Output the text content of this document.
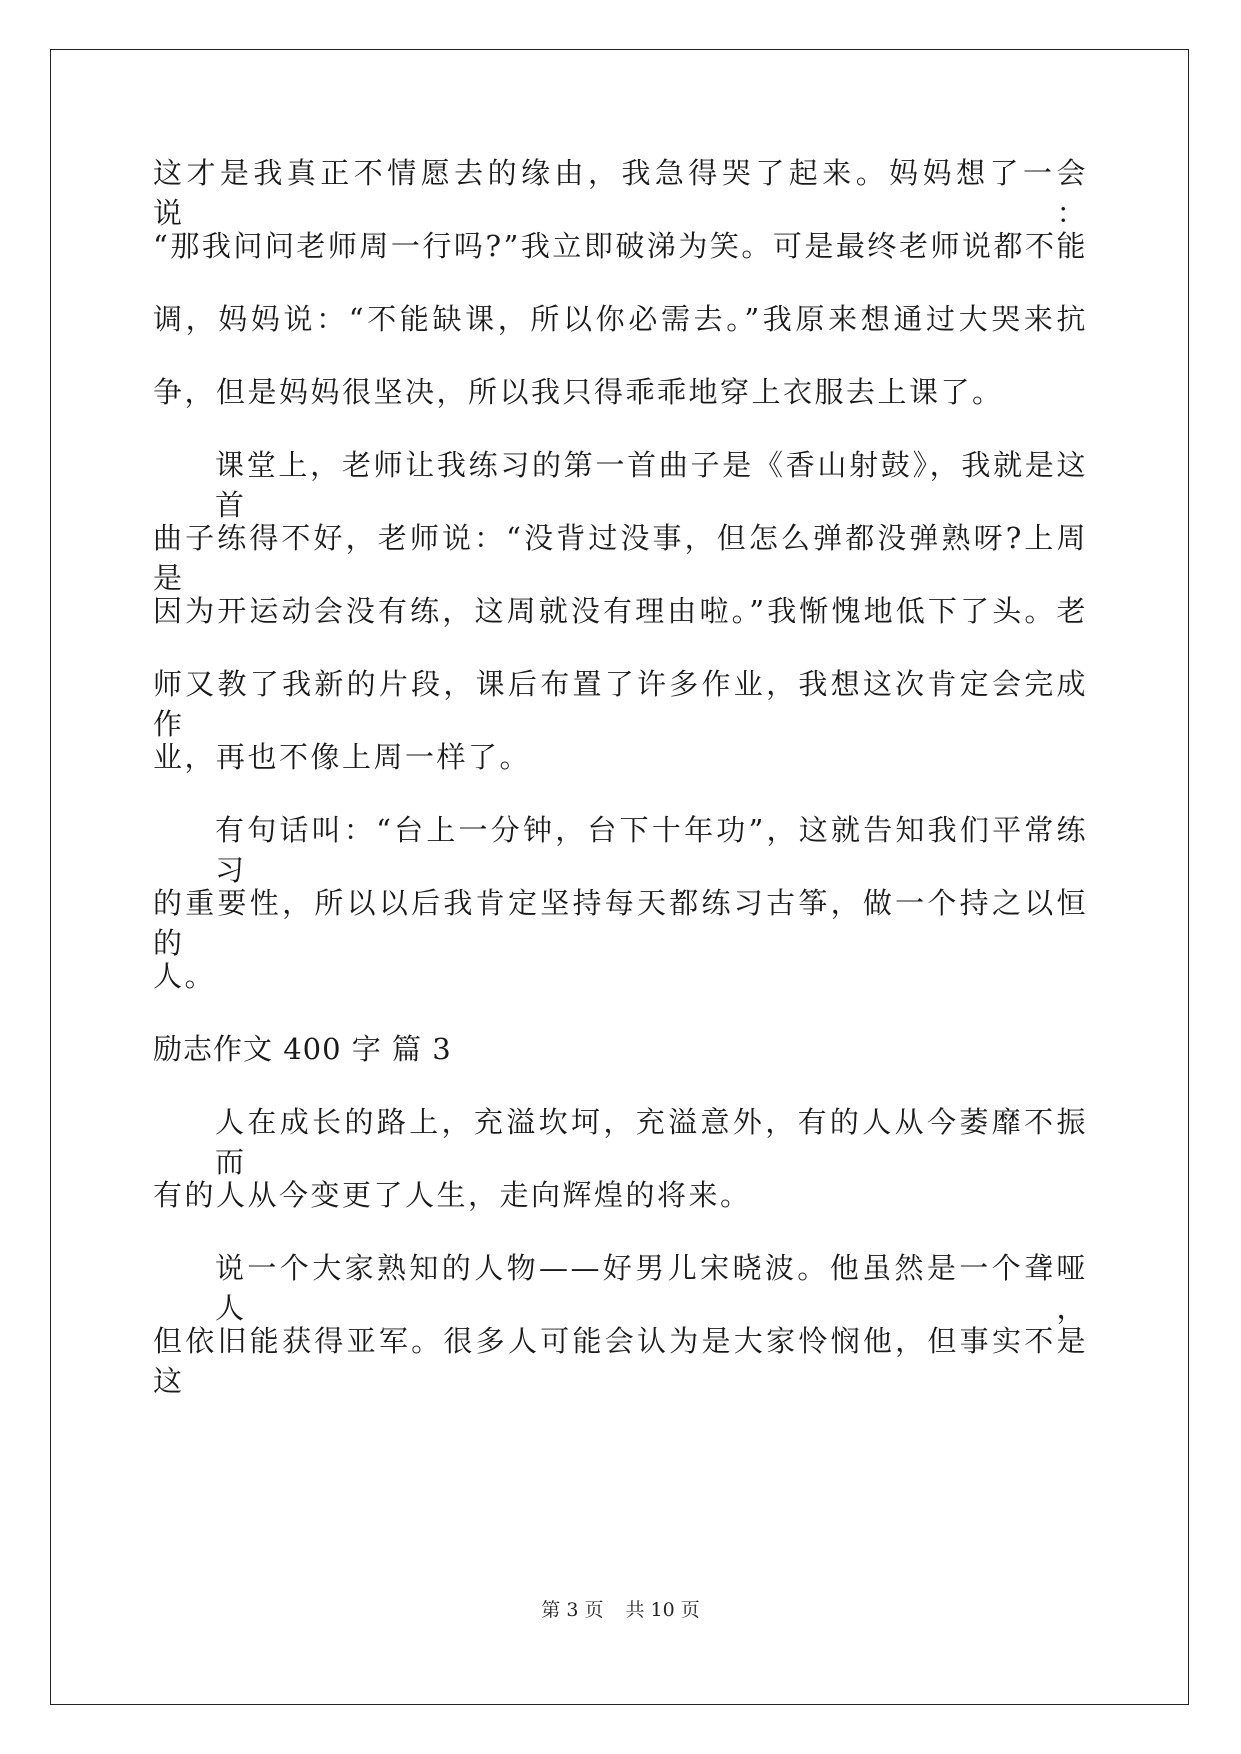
这才是我真正不情愿去的缘由，我急得哭了起来。妈妈想了一会说：
“那我问问老师周一行吗?”我立即破涕为笑。可是最终老师说都不能
调，妈妈说：“不能缺课，所以你必需去。”我原来想通过大哭来抗
争，但是妈妈很坚决，所以我只得乖乖地穿上衣服去上课了。
课堂上，老师让我练习的第一首曲子是《香山射鼓》，我就是这首
曲子练得不好，老师说：“没背过没事，但怎么弹都没弹熟呀?上周是
因为开运动会没有练，这周就没有理由啦。”我惭愧地低下了头。老
师又教了我新的片段，课后布置了许多作业，我想这次肯定会完成作
业，再也不像上周一样了。
有句话叫：“台上一分钟，台下十年功”，这就告知我们平常练习
的重要性，所以以后我肯定坚持每天都练习古筝，做一个持之以恒的
人。
励志作文 400 字 篇 3
人在成长的路上，充溢坎坷，充溢意外，有的人从今萎靡不振而
有的人从今变更了人生，走向辉煌的将来。
说一个大家熟知的人物——好男儿宋晓波。他虽然是一个聋哑人，
但依旧能获得亚军。很多人可能会认为是大家怜悯他，但事实不是这
第 3 页 共 10 页
